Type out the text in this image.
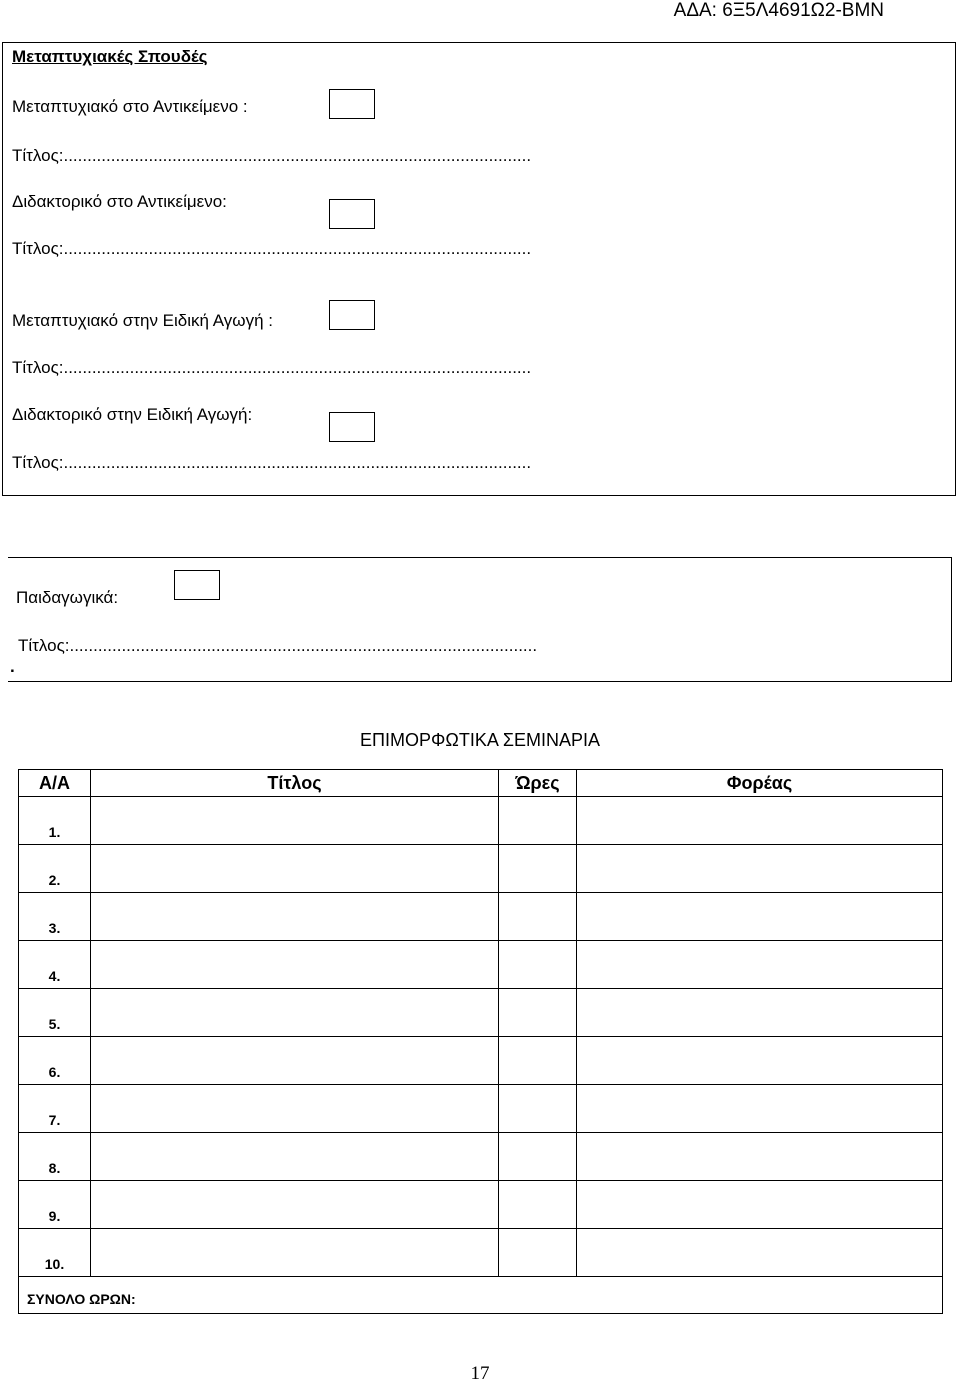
ΑΔΑ: 6Ξ5Λ4691Ω2-ΒΜΝ
Μεταπτυχιακές Σπουδές
Μεταπτυχιακό στο Αντικείμενο :
Τίτλος:...................................................................................................
Διδακτορικό στο Αντικείμενο:
Τίτλος:...................................................................................................
Μεταπτυχιακό στην Ειδική Αγωγή :
Τίτλος:...................................................................................................
Διδακτορικό στην Ειδική Αγωγή:
Τίτλος:...................................................................................................
Παιδαγωγικά:
Τίτλος:...................................................................................................
.
ΕΠΙΜΟΡΦΩΤΙΚΑ ΣΕΜΙΝΑΡΙΑ
Α/Α	Τίτλος	Ώρες	Φορέας
1.			
2.			
3.			
4.			
5.			
6.			
7.			
8.			
9.			
10.			
ΣΥΝΟΛΟ ΩΡΩΝ:			
17
